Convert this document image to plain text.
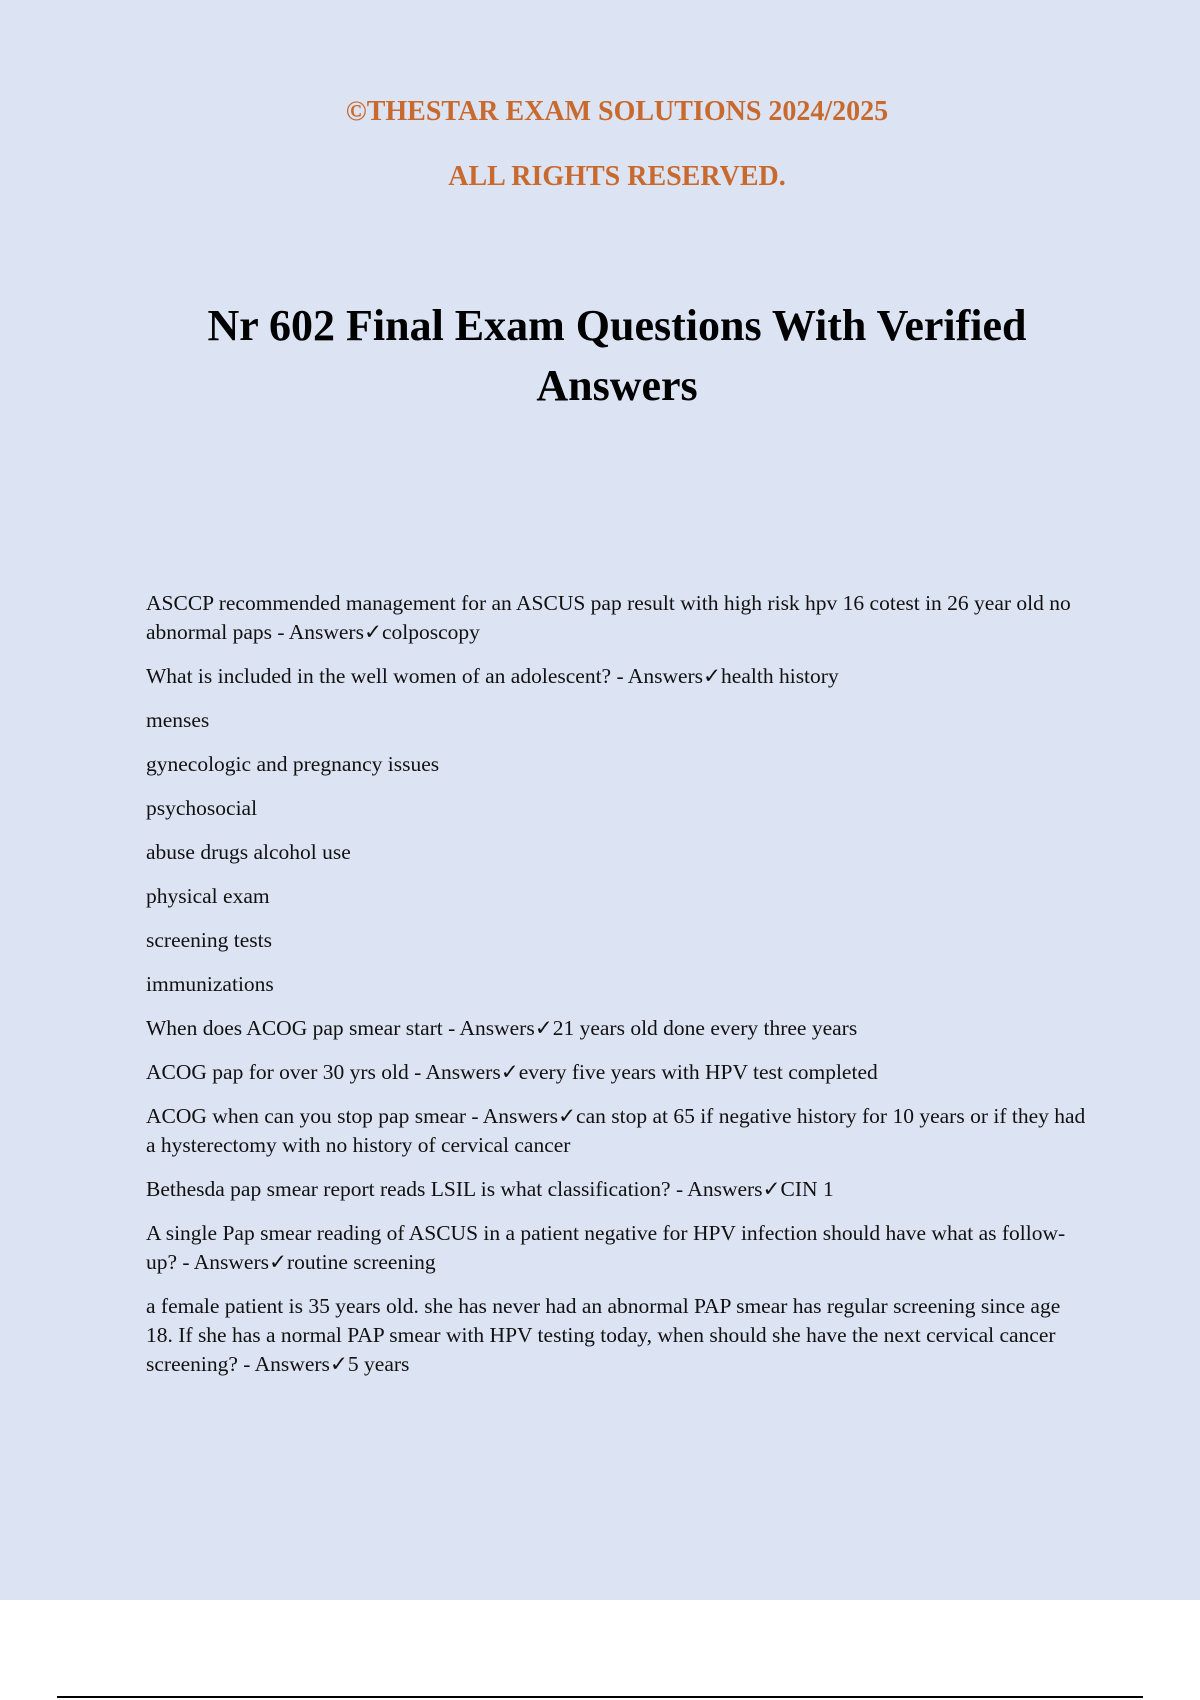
©THESTAR EXAM SOLUTIONS 2024/2025
ALL RIGHTS RESERVED.
Nr 602 Final Exam Questions With Verified Answers

ASCCP recommended management for an ASCUS pap result with high risk hpv 16 cotest in 26 year old no abnormal paps - Answers✓colposcopy

What is included in the well women of an adolescent? - Answers✓health history

menses

gynecologic and pregnancy issues

psychosocial

abuse drugs alcohol use

physical exam

screening tests

immunizations

When does ACOG pap smear start - Answers✓21 years old done every three years

ACOG pap for over 30 yrs old - Answers✓every five years with HPV test completed

ACOG when can you stop pap smear - Answers✓can stop at 65 if negative history for 10 years or if they had a hysterectomy with no history of cervical cancer

Bethesda pap smear report reads LSIL is what classification? - Answers✓CIN 1

A single Pap smear reading of ASCUS in a patient negative for HPV infection should have what as follow-up? - Answers✓routine screening

a female patient is 35 years old. she has never had an abnormal PAP smear has regular screening since age 18. If she has a normal PAP smear with HPV testing today, when should she have the next cervical cancer screening? - Answers✓5 years
